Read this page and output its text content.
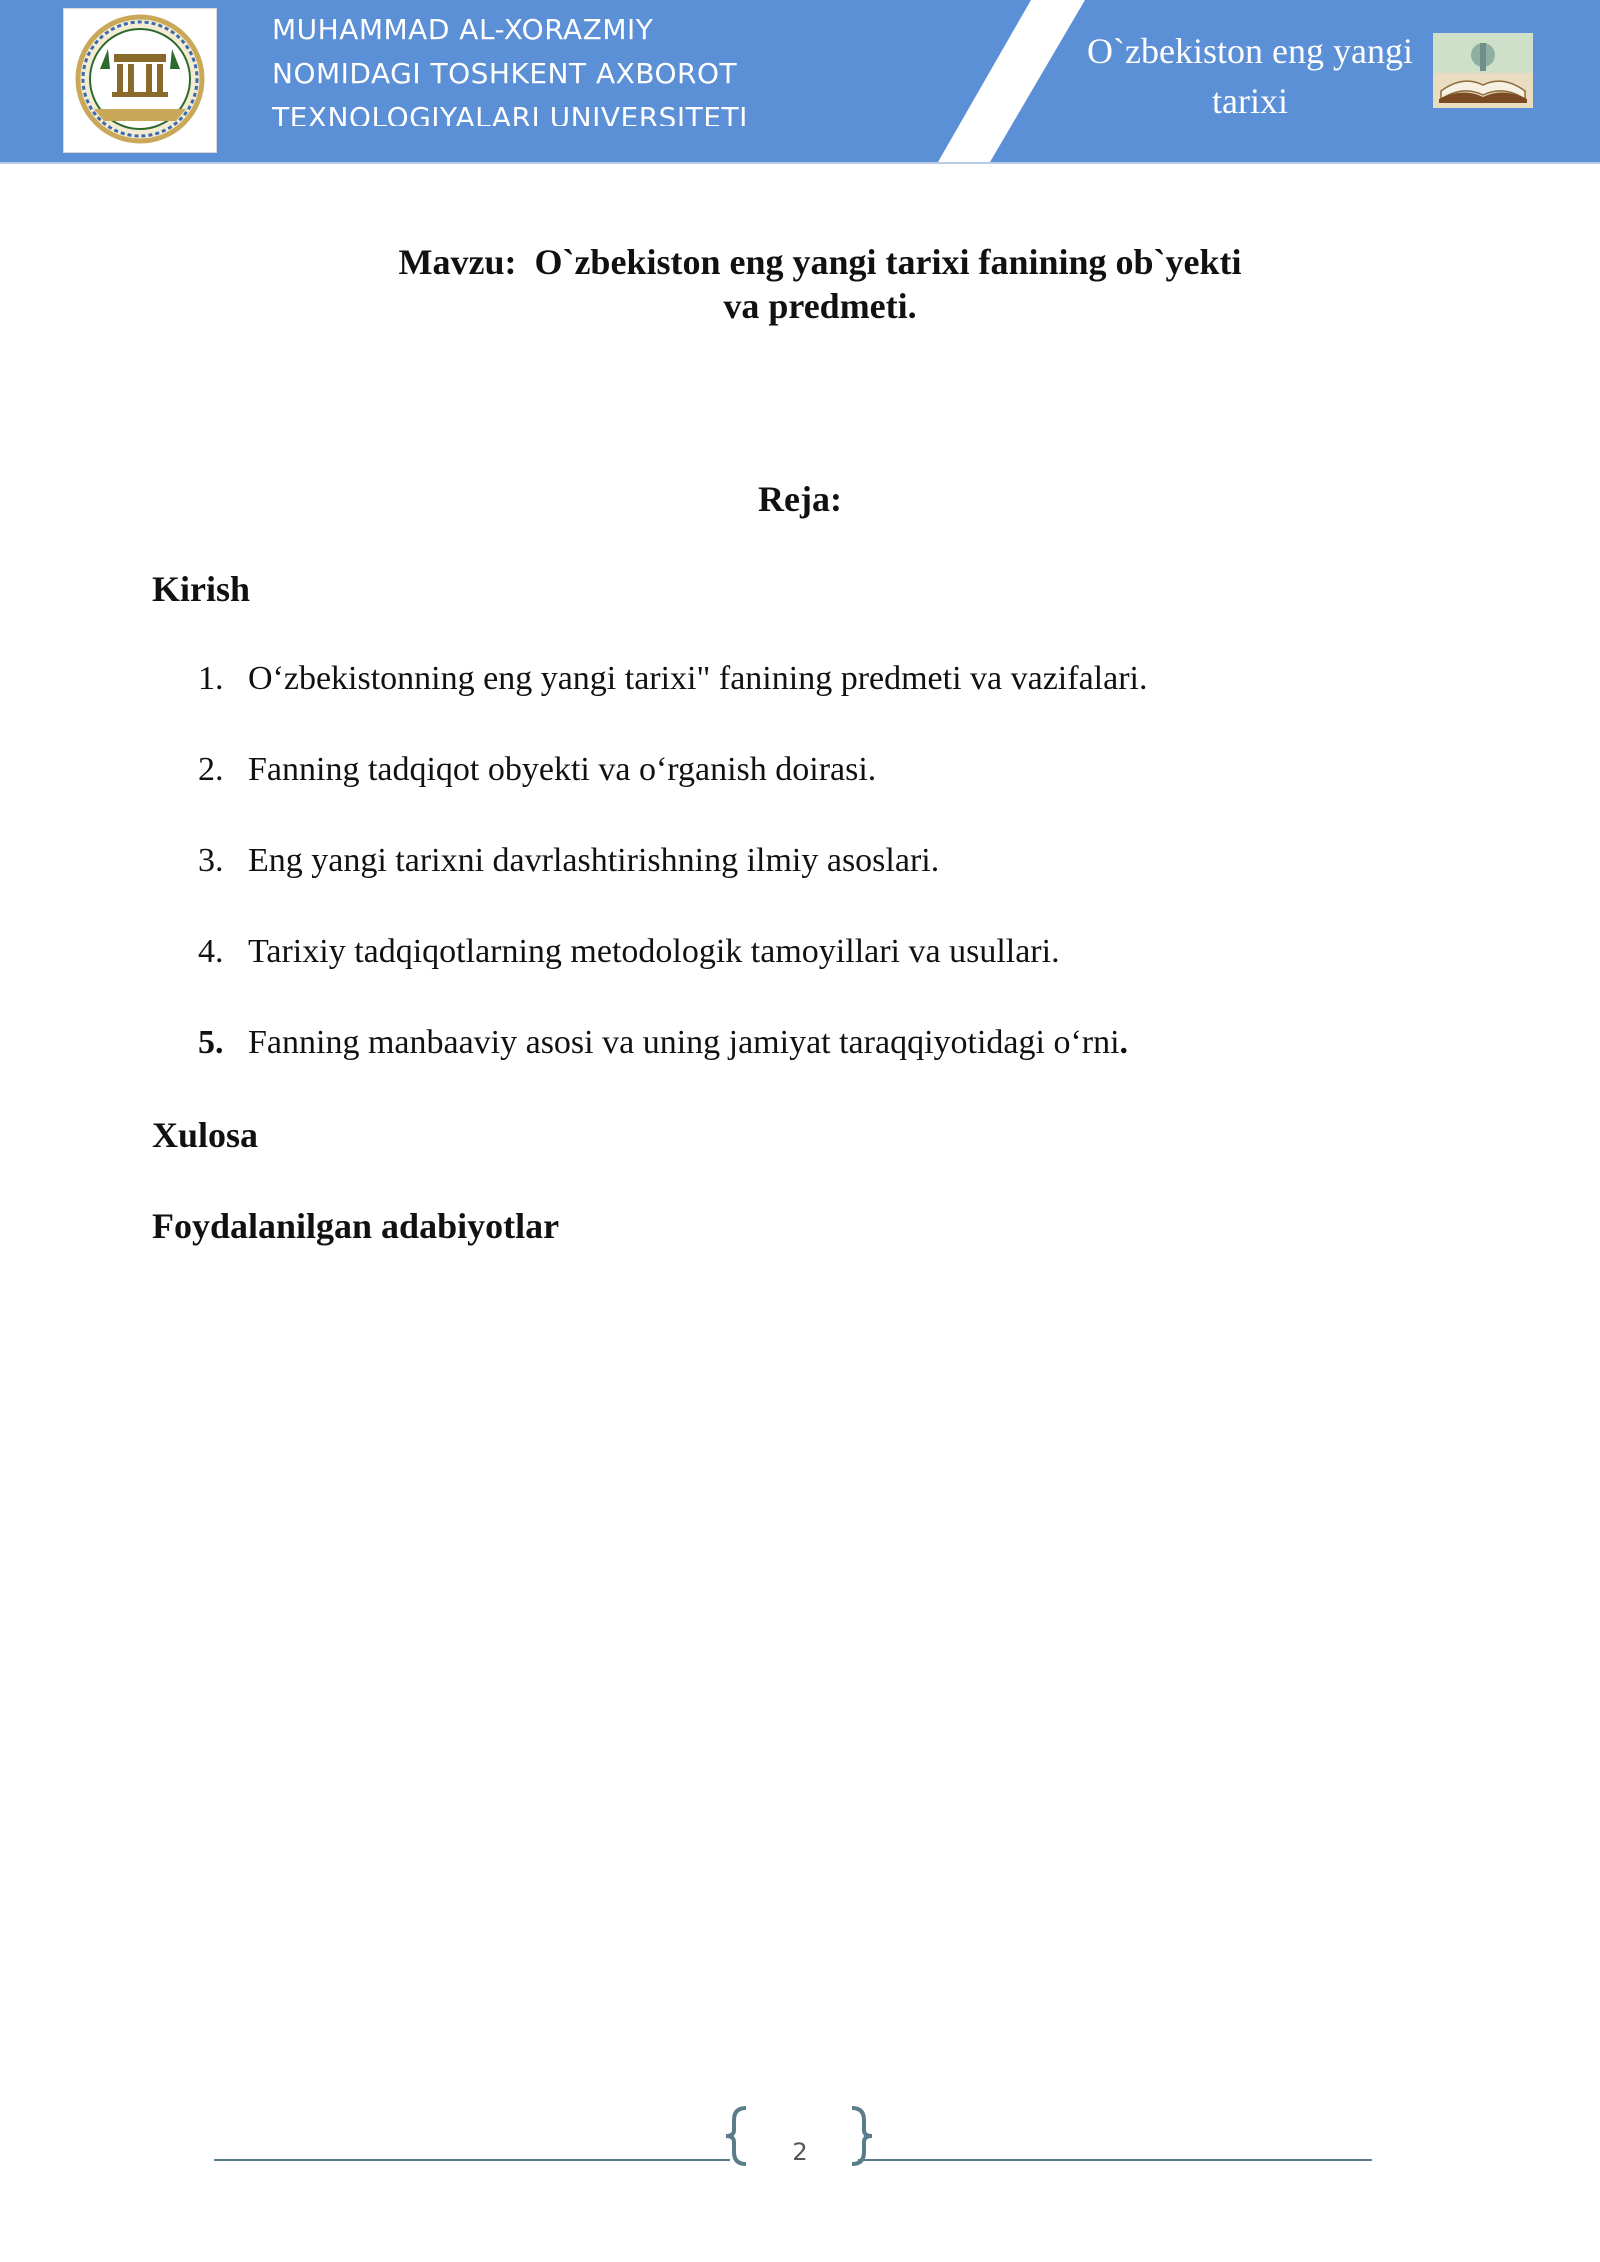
MUHAMMAD AL-XORAZMIY
NOMIDAGI TOSHKENT AXBOROT
TEXNOLOGIYALARI UNIVERSITETI
O`zbekiston eng yangi
tarixi
Mavzu:  O`zbekiston eng yangi tarixi fanining ob`yekti
va predmeti.
Reja:
Kirish
1. O‘zbekistonning eng yangi tarixi" fanining predmeti va vazifalari.
2. Fanning tadqiqot obyekti va o‘rganish doirasi.
3. Eng yangi tarixni davrlashtirishning ilmiy asoslari.
4. Tarixiy tadqiqotlarning metodologik tamoyillari va usullari.
5. Fanning manbaaviy asosi va uning jamiyat taraqqiyotidagi o‘rni.
Xulosa
Foydalanilgan adabiyotlar
2
